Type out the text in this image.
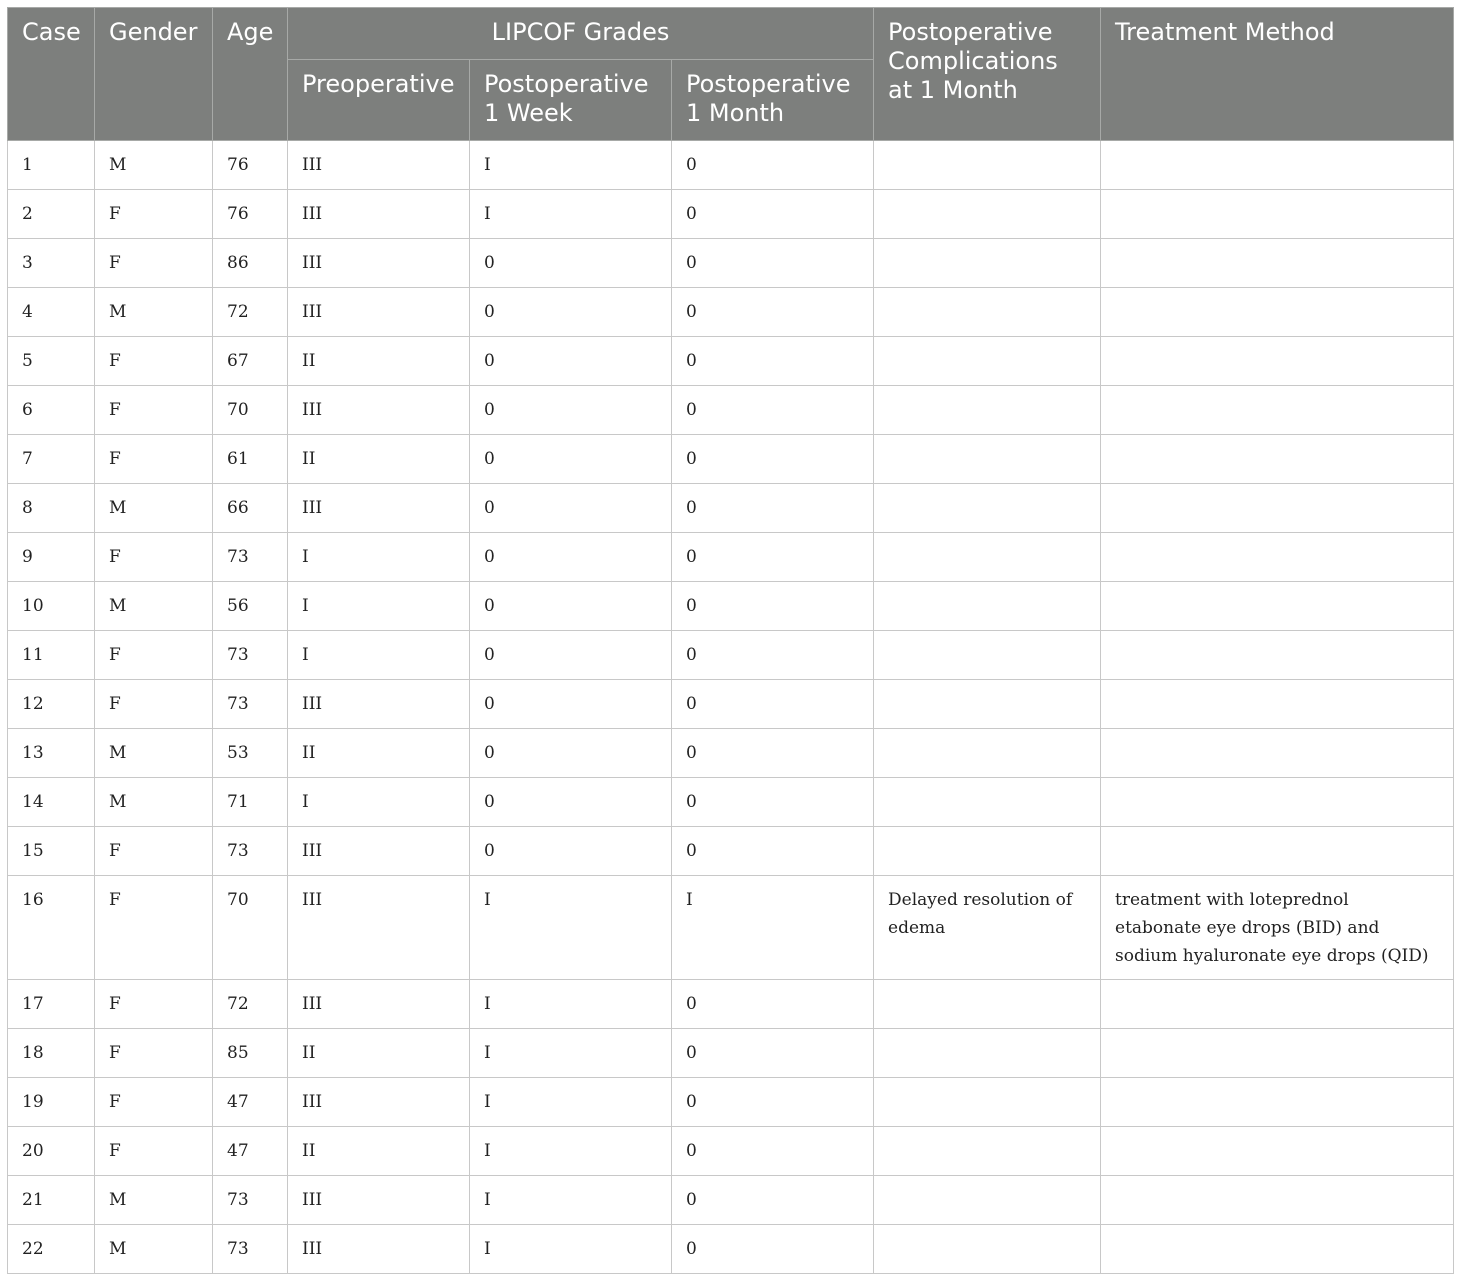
Case	Gender	Age	LIPCOF Grades			Postoperative Complications at 1 Month	Treatment Method
			Preoperative	Postoperative 1 Week	Postoperative 1 Month		
1	M	76	III	I	0		
2	F	76	III	I	0		
3	F	86	III	0	0		
4	M	72	III	0	0		
5	F	67	II	0	0		
6	F	70	III	0	0		
7	F	61	II	0	0		
8	M	66	III	0	0		
9	F	73	I	0	0		
10	M	56	I	0	0		
11	F	73	I	0	0		
12	F	73	III	0	0		
13	M	53	II	0	0		
14	M	71	I	0	0		
15	F	73	III	0	0		
16	F	70	III	I	I	Delayed resolution of edema	treatment with loteprednol etabonate eye drops (BID) and sodium hyaluronate eye drops (QID)
17	F	72	III	I	0		
18	F	85	II	I	0		
19	F	47	III	I	0		
20	F	47	II	I	0		
21	M	73	III	I	0		
22	M	73	III	I	0		
